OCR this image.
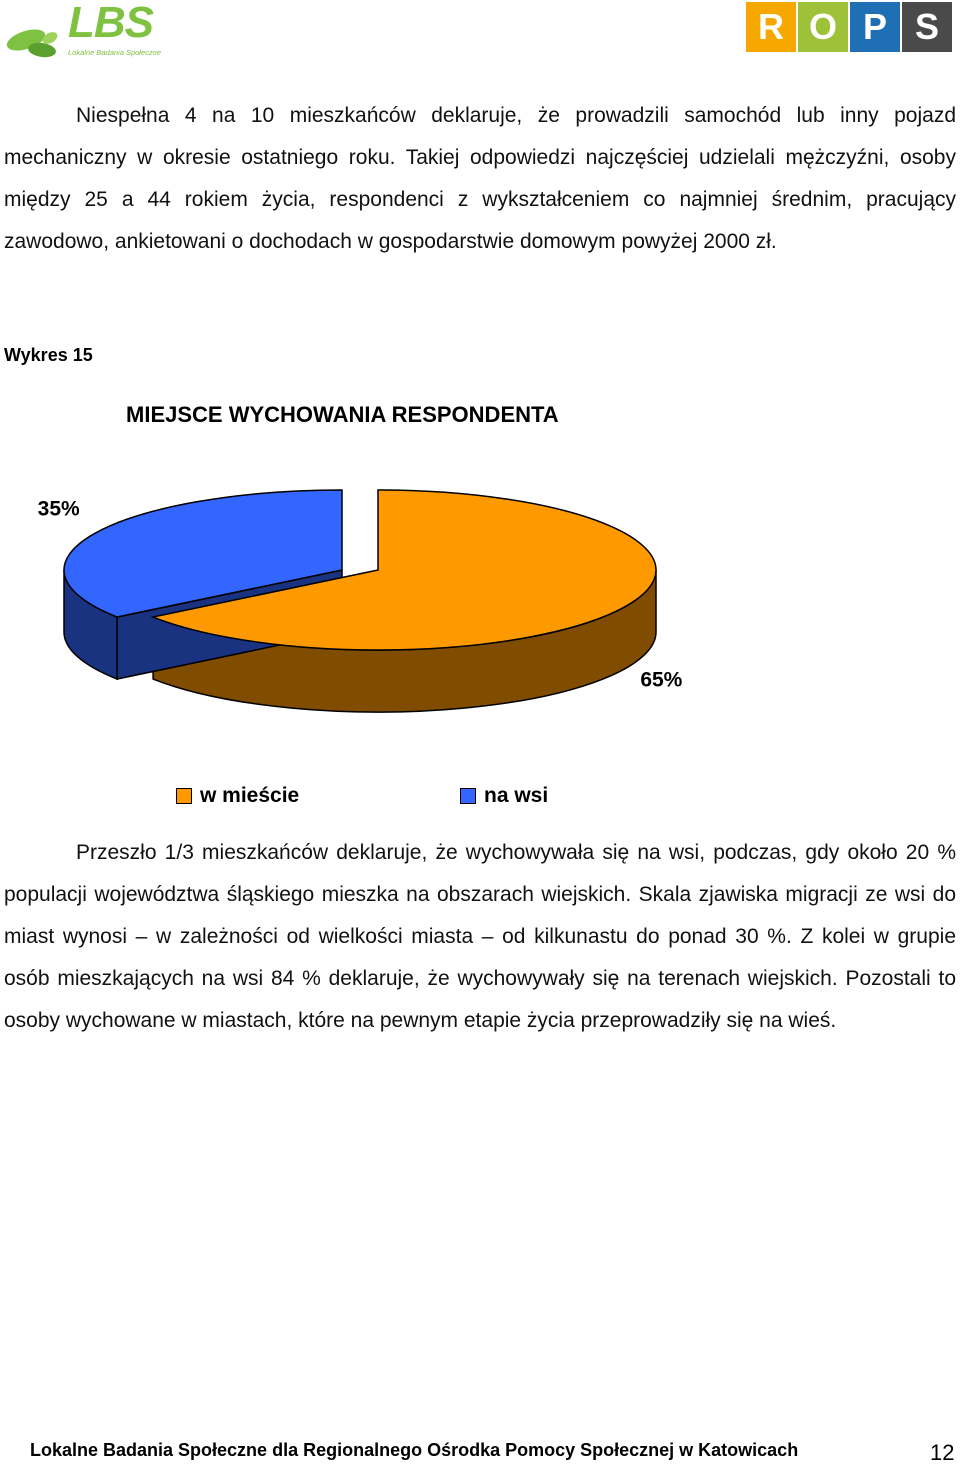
LBS
Lokalne Badania Społeczne
R O P S

Niespełna 4 na 10 mieszkańców deklaruje, że prowadzili samochód lub inny pojazd mechaniczny w okresie ostatniego roku. Takiej odpowiedzi najczęściej udzielali mężczyźni, osoby między 25 a 44 rokiem życia, respondenci z wykształceniem co najmniej średnim, pracujący zawodowo, ankietowani o dochodach w gospodarstwie domowym powyżej 2000 zł.

Wykres 15

MIEJSCE WYCHOWANIA RESPONDENTA

65%
35%
w mieście	na wsi

Przeszło 1/3 mieszkańców deklaruje, że wychowywała się na wsi, podczas, gdy około 20 % populacji województwa śląskiego mieszka na obszarach wiejskich. Skala zjawiska migracji ze wsi do miast wynosi – w zależności od wielkości miasta – od kilkunastu do ponad 30 %. Z kolei w grupie osób mieszkających na wsi 84 % deklaruje, że wychowywały się na terenach wiejskich. Pozostali to osoby wychowane w miastach, które na pewnym etapie życia przeprowadziły się na wieś.

Lokalne Badania Społeczne dla Regionalnego Ośrodka Pomocy Społecznej w Katowicach	12
